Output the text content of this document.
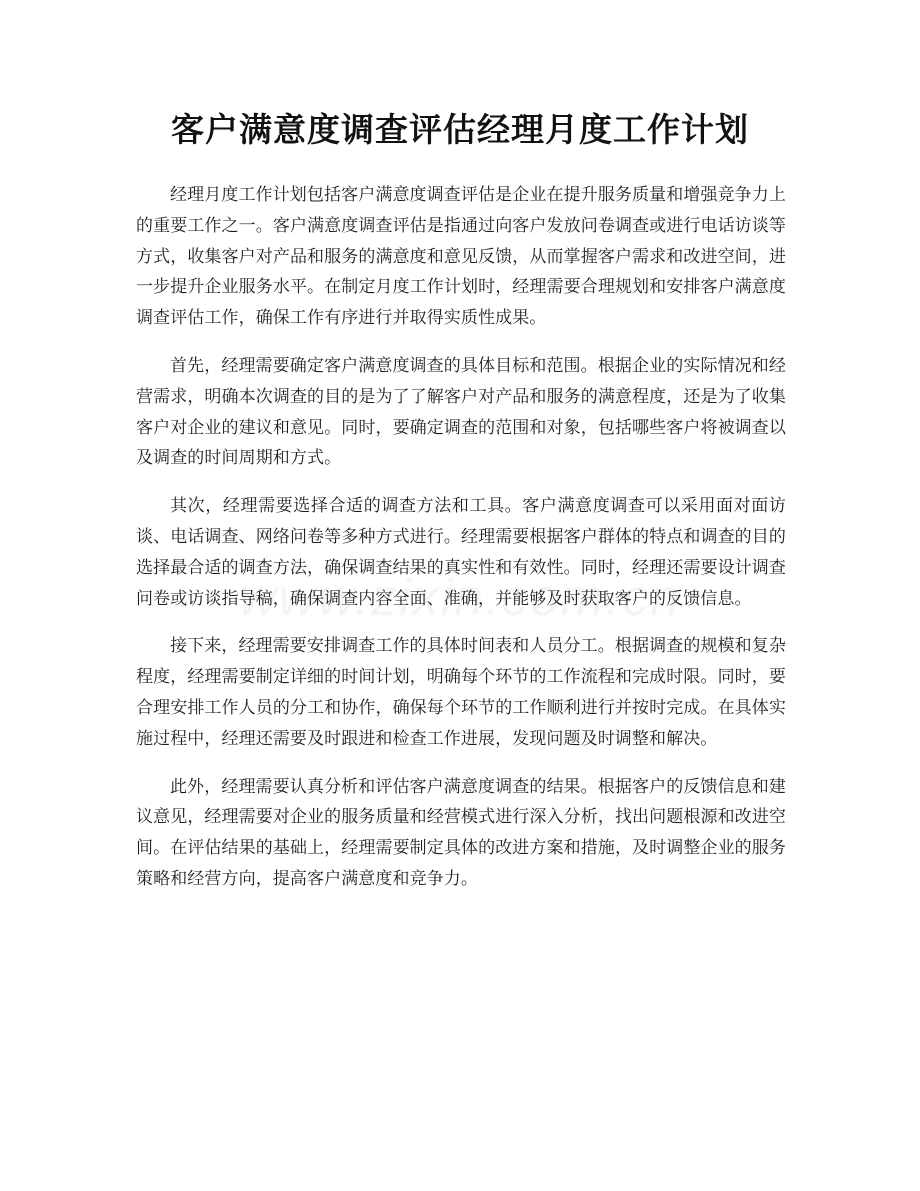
客户满意度调查评估经理月度工作计划

经理月度工作计划包括客户满意度调查评估是企业在提升服务质量和增强竞争力上的重要工作之一。客户满意度调查评估是指通过向客户发放问卷调查或进行电话访谈等方式，收集客户对产品和服务的满意度和意见反馈，从而掌握客户需求和改进空间，进一步提升企业服务水平。在制定月度工作计划时，经理需要合理规划和安排客户满意度调查评估工作，确保工作有序进行并取得实质性成果。

首先，经理需要确定客户满意度调查的具体目标和范围。根据企业的实际情况和经营需求，明确本次调查的目的是为了了解客户对产品和服务的满意程度，还是为了收集客户对企业的建议和意见。同时，要确定调查的范围和对象，包括哪些客户将被调查以及调查的时间周期和方式。

其次，经理需要选择合适的调查方法和工具。客户满意度调查可以采用面对面访谈、电话调查、网络问卷等多种方式进行。经理需要根据客户群体的特点和调查的目的选择最合适的调查方法，确保调查结果的真实性和有效性。同时，经理还需要设计调查问卷或访谈指导稿，确保调查内容全面、准确，并能够及时获取客户的反馈信息。

接下来，经理需要安排调查工作的具体时间表和人员分工。根据调查的规模和复杂程度，经理需要制定详细的时间计划，明确每个环节的工作流程和完成时限。同时，要合理安排工作人员的分工和协作，确保每个环节的工作顺利进行并按时完成。在具体实施过程中，经理还需要及时跟进和检查工作进展，发现问题及时调整和解决。

此外，经理需要认真分析和评估客户满意度调查的结果。根据客户的反馈信息和建议意见，经理需要对企业的服务质量和经营模式进行深入分析，找出问题根源和改进空间。在评估结果的基础上，经理需要制定具体的改进方案和措施，及时调整企业的服务策略和经营方向，提高客户满意度和竞争力。
